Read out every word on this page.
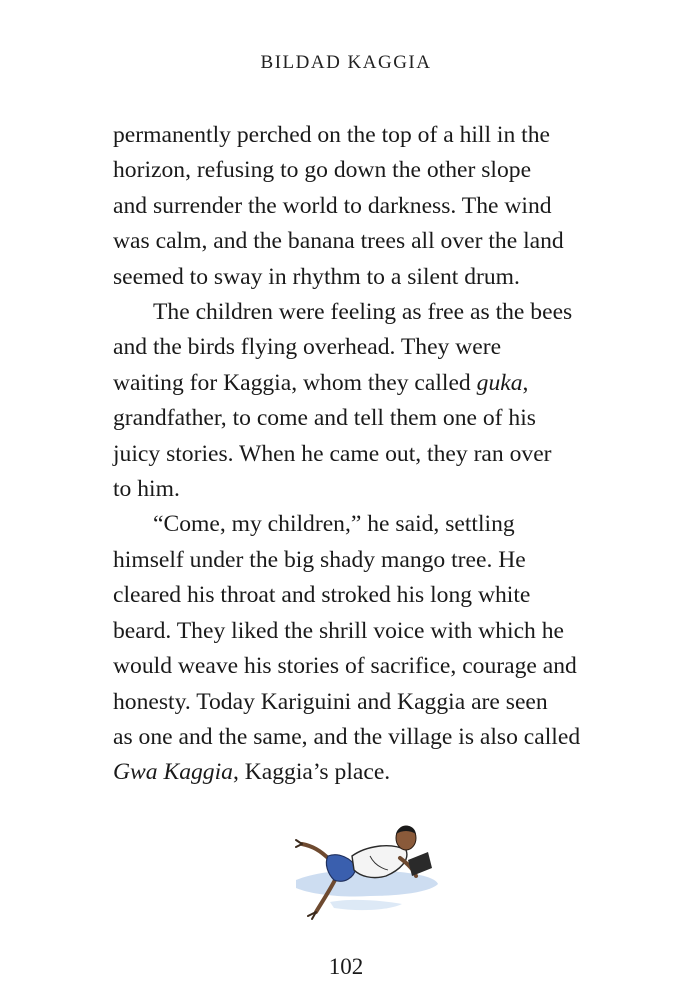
BILDAD KAGGIA
permanently perched on the top of a hill in the
horizon, refusing to go down the other slope
and surrender the world to darkness. The wind
was calm, and the banana trees all over the land
seemed to sway in rhythm to a silent drum.
The children were feeling as free as the bees
and the birds flying overhead. They were
waiting for Kaggia, whom they called guka,
grandfather, to come and tell them one of his
juicy stories. When he came out, they ran over
to him.
“Come, my children,” he said, settling
himself under the big shady mango tree. He
cleared his throat and stroked his long white
beard. They liked the shrill voice with which he
would weave his stories of sacrifice, courage and
honesty. Today Kariguini and Kaggia are seen
as one and the same, and the village is also called
Gwa Kaggia, Kaggia’s place.
102
